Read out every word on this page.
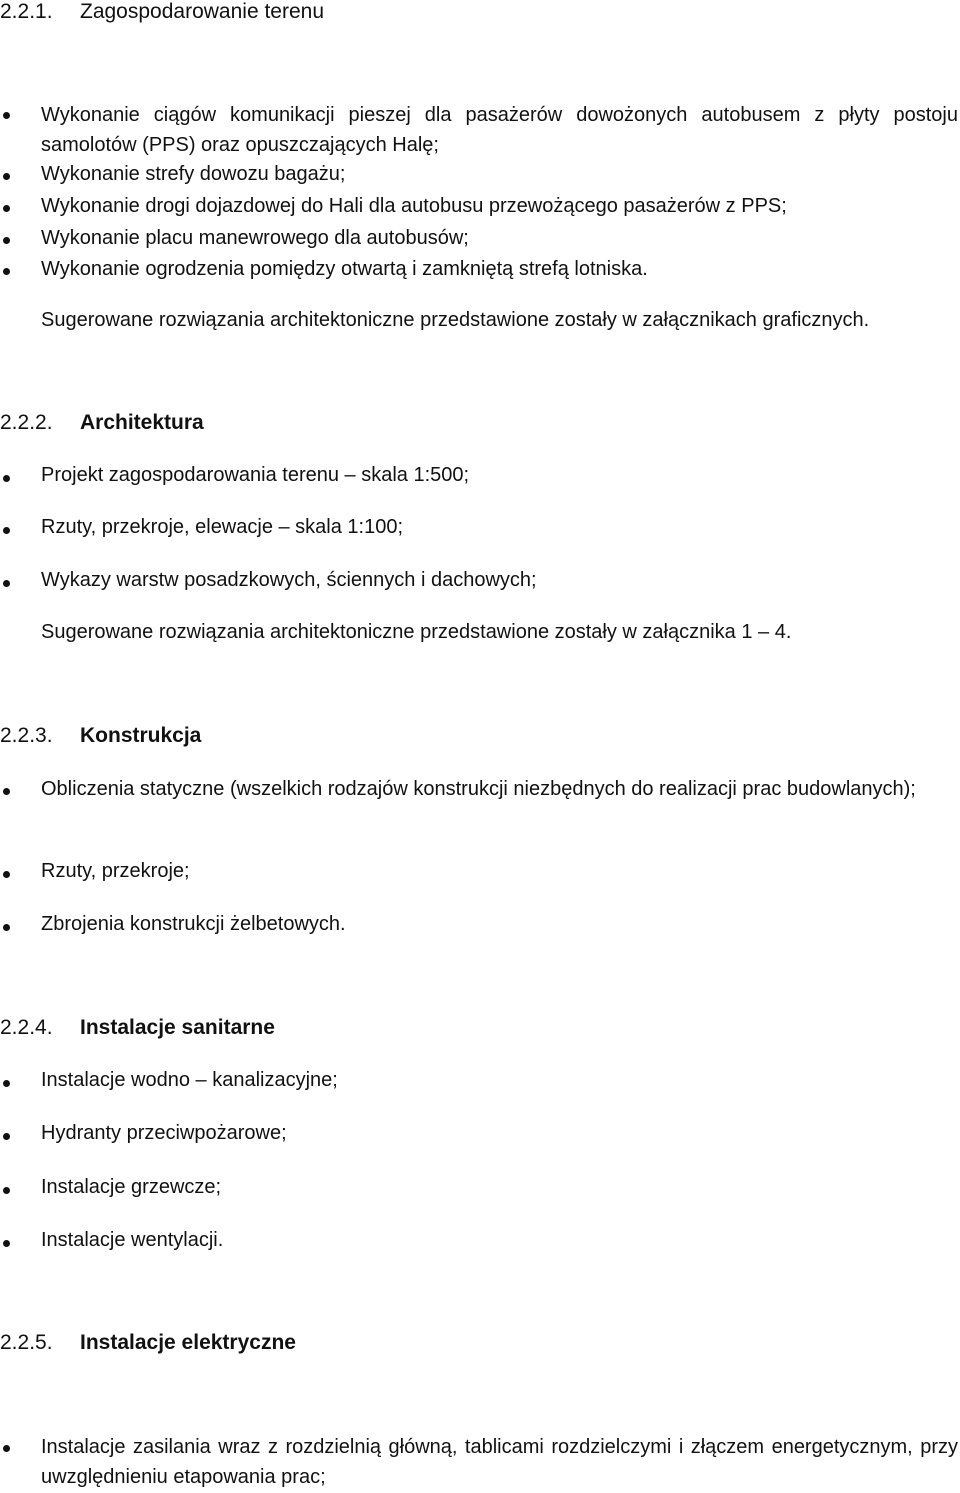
2.2.1. Zagospodarowanie terenu
Wykonanie ciągów komunikacji pieszej dla pasażerów dowożonych autobusem z płyty postoju samolotów (PPS) oraz opuszczających Halę;
Wykonanie strefy dowozu bagażu;
Wykonanie drogi dojazdowej do Hali dla autobusu przewożącego pasażerów z PPS;
Wykonanie placu manewrowego dla autobusów;
Wykonanie ogrodzenia pomiędzy otwartą i zamkniętą strefą lotniska.
Sugerowane rozwiązania architektoniczne przedstawione zostały w załącznikach graficznych.
2.2.2. Architektura
Projekt zagospodarowania terenu – skala 1:500;
Rzuty, przekroje, elewacje – skala 1:100;
Wykazy warstw posadzkowych, ściennych i dachowych;
Sugerowane rozwiązania architektoniczne przedstawione zostały w załącznika 1 – 4.
2.2.3. Konstrukcja
Obliczenia statyczne (wszelkich rodzajów konstrukcji niezbędnych do realizacji prac budowlanych);
Rzuty, przekroje;
Zbrojenia konstrukcji żelbetowych.
2.2.4. Instalacje sanitarne
Instalacje wodno – kanalizacyjne;
Hydranty przeciwpożarowe;
Instalacje grzewcze;
Instalacje wentylacji.
2.2.5. Instalacje elektryczne
Instalacje zasilania wraz z rozdzielnią główną, tablicami rozdzielczymi i złączem energetycznym, przy uwzględnieniu etapowania prac;
